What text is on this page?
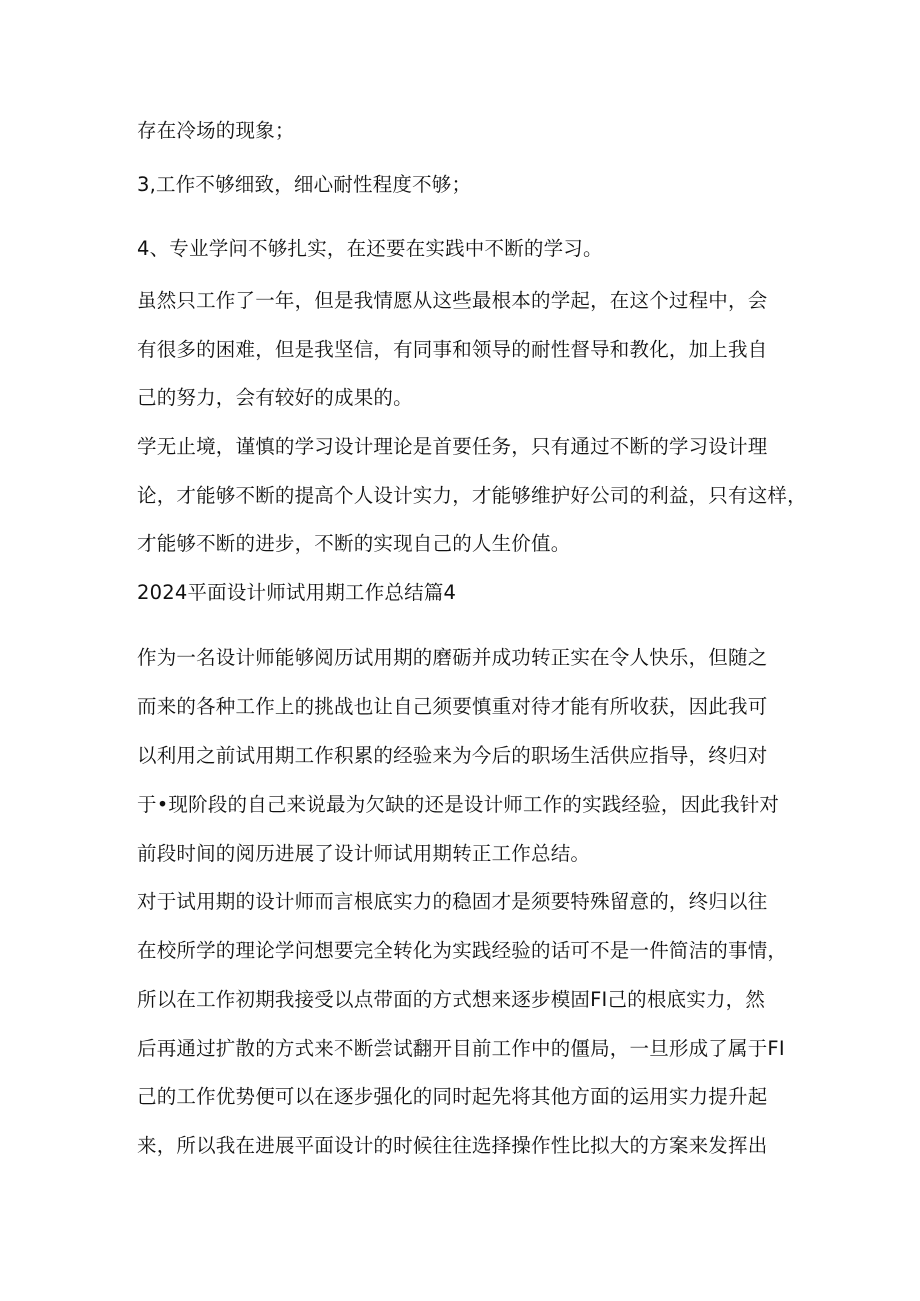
存在冷场的现象；
3,工作不够细致，细心耐性程度不够；
4、专业学问不够扎实，在还要在实践中不断的学习。
虽然只工作了一年，但是我情愿从这些最根本的学起，在这个过程中，会
有很多的困难，但是我坚信，有同事和领导的耐性督导和教化，加上我自
己的努力，会有较好的成果的。
学无止境，谨慎的学习设计理论是首要任务，只有通过不断的学习设计理
论，才能够不断的提高个人设计实力，才能够维护好公司的利益，只有这样，
才能够不断的进步，不断的实现自己的人生价值。
2024平面设计师试用期工作总结篇4
作为一名设计师能够阅历试用期的磨砺并成功转正实在令人快乐，但随之
而来的各种工作上的挑战也让自己须要慎重对待才能有所收获，因此我可
以利用之前试用期工作积累的经验来为今后的职场生活供应指导，终归对
于•现阶段的自己来说最为欠缺的还是设计师工作的实践经验，因此我针对
前段时间的阅历进展了设计师试用期转正工作总结。
对于试用期的设计师而言根底实力的稳固才是须要特殊留意的，终归以往
在校所学的理论学问想要完全转化为实践经验的话可不是一件简洁的事情，
所以在工作初期我接受以点带面的方式想来逐步模固FI己的根底实力，然
后再通过扩散的方式来不断尝试翻开目前工作中的僵局，一旦形成了属于FI
己的工作优势便可以在逐步强化的同时起先将其他方面的运用实力提升起
来，所以我在进展平面设计的时候往往选择操作性比拟大的方案来发挥出
